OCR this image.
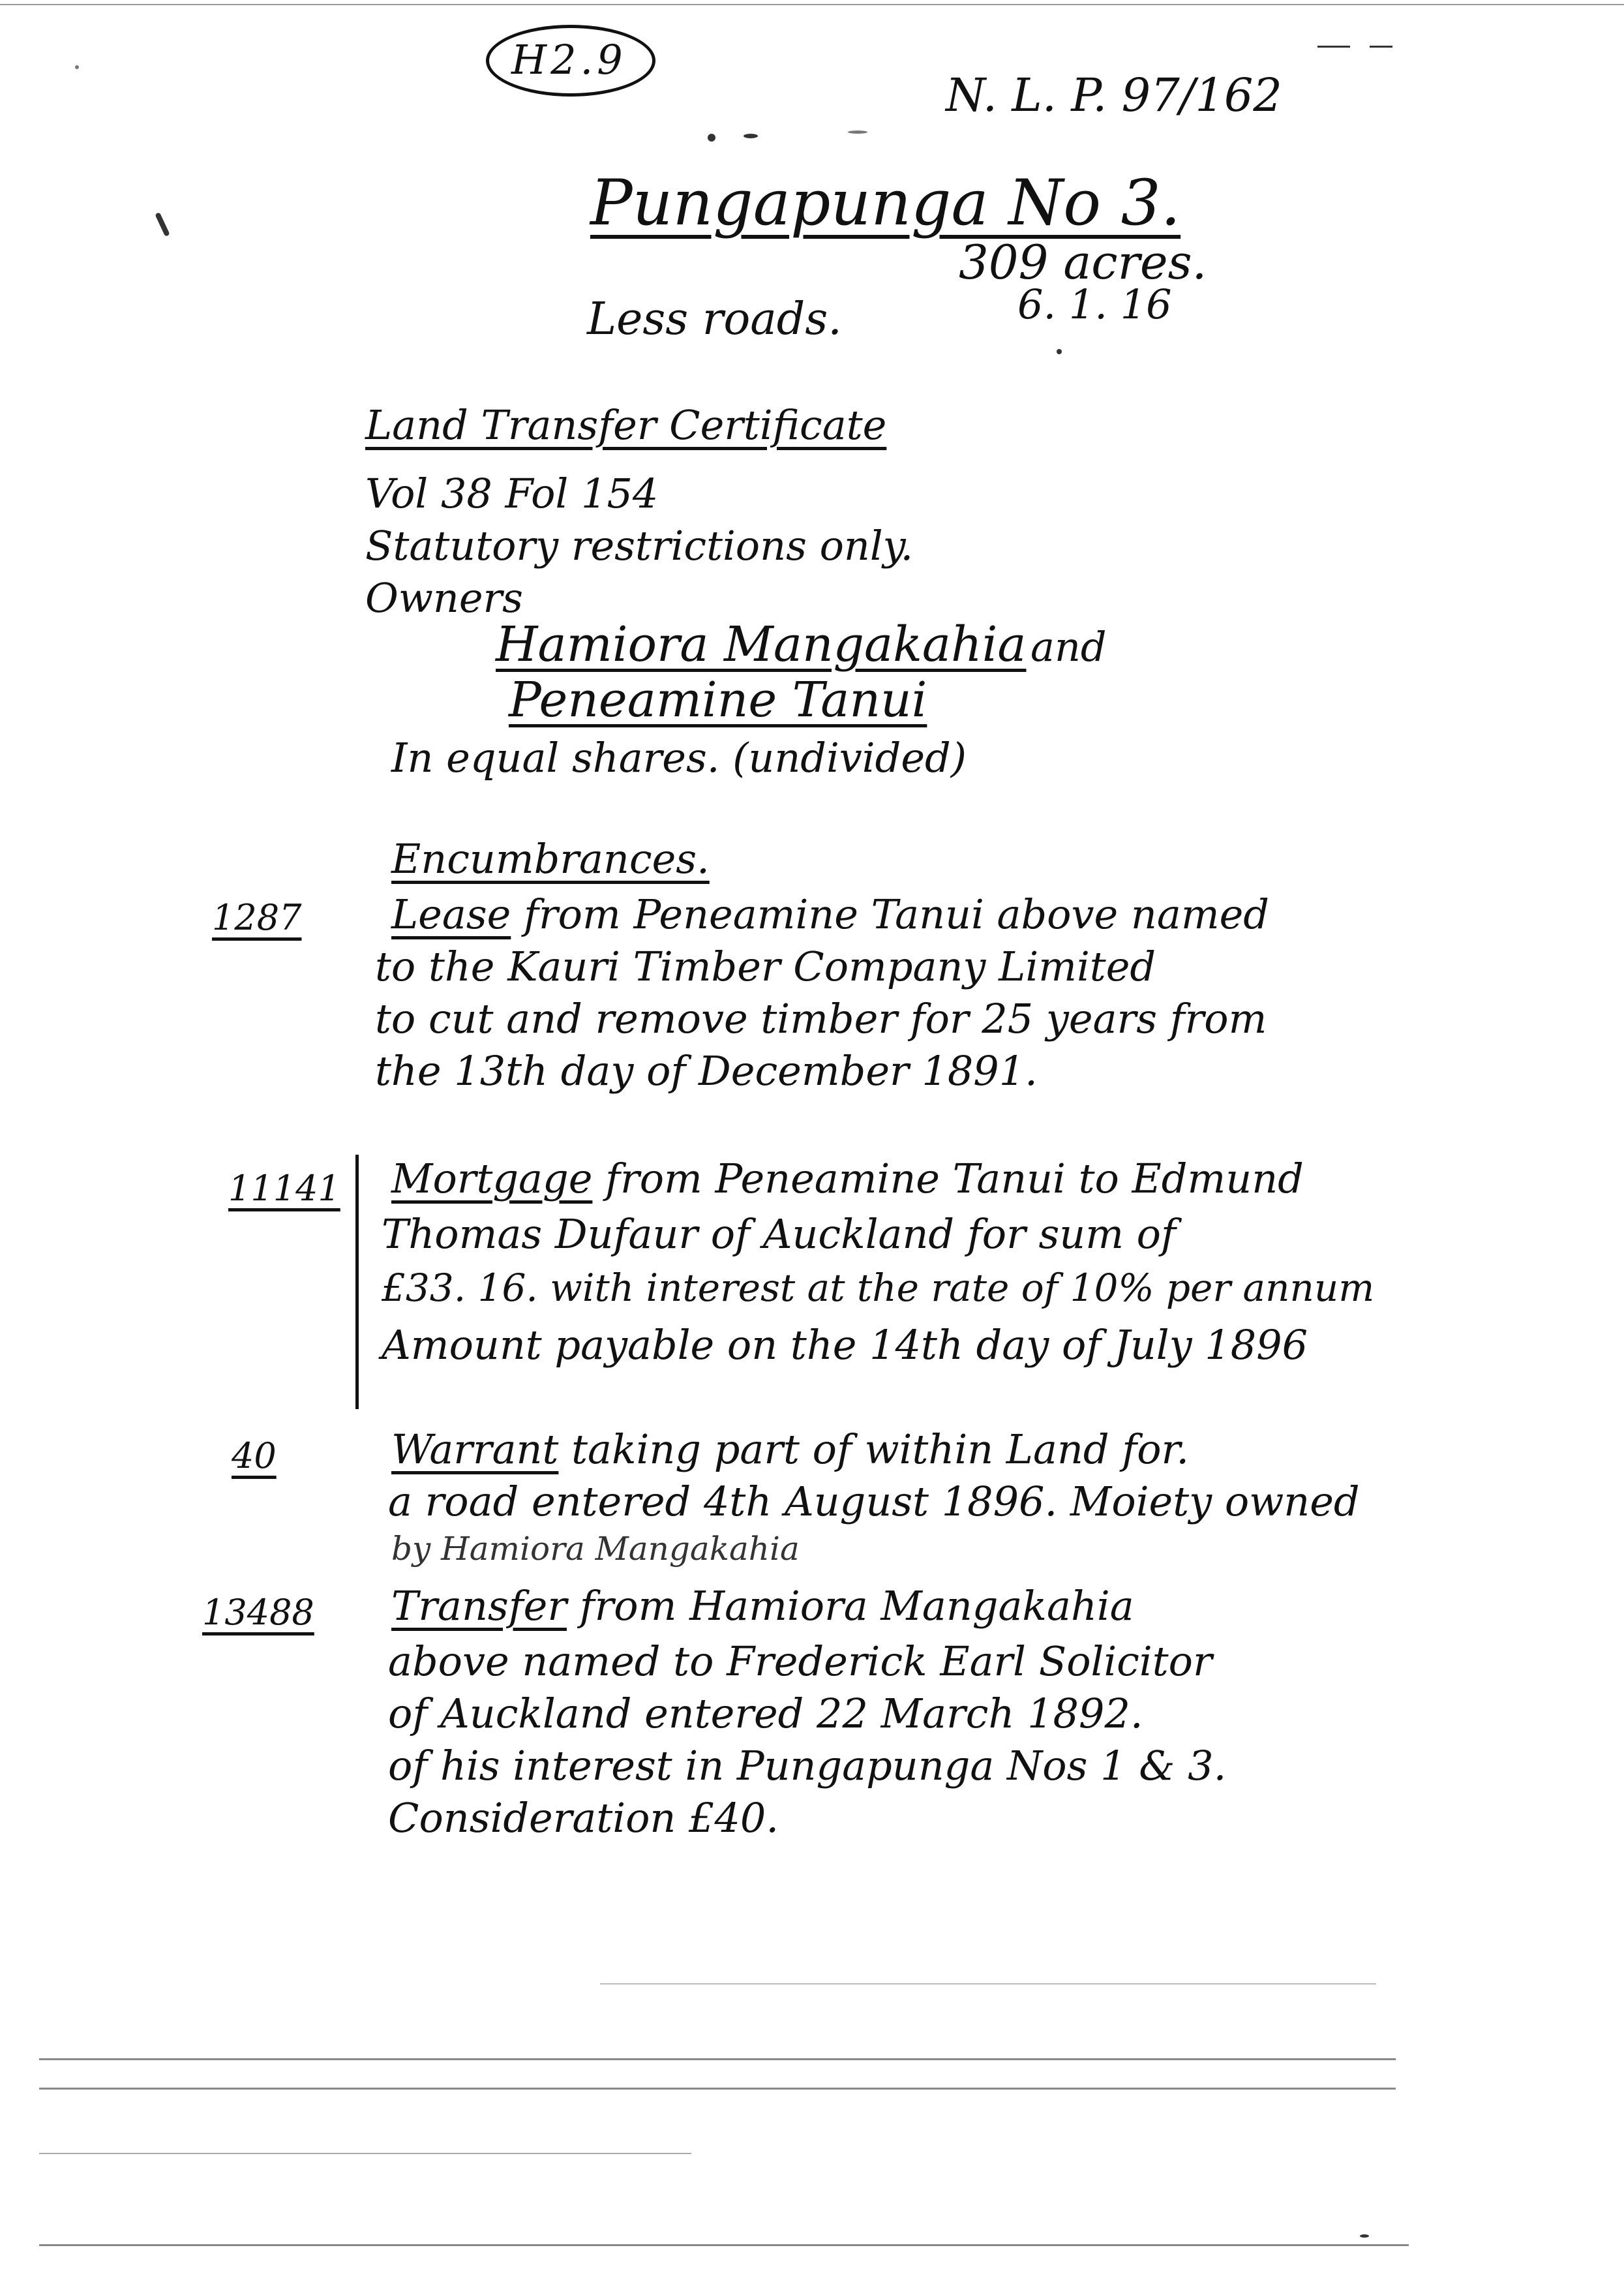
H2.9
N. L. P. 97/162
Pungapunga No 3.
309 acres.
Less roads.	6. 1. 16
Land Transfer Certificate
Vol 38 Fol 154
Statutory restrictions only.
Owners
Hamiora Mangakahia and
Peneamine Tanui
In equal shares. (undivided)
Encumbrances.
1287 Lease from Peneamine Tanui above named
to the Kauri Timber Company Limited
to cut and remove timber for 25 years from
the 13th day of December 1891.
11141 Mortgage from Peneamine Tanui to Edmund
Thomas Dufaur of Auckland for sum of
£33. 16. with interest at the rate of 10% per annum
Amount payable on the 14th day of July 1896
40	Warrant taking part of within Land for.
a road entered 4th August 1896. Moiety owned
by Hamiora Mangakahia
13488 Transfer from Hamiora Mangakahia
above named to Frederick Earl Solicitor
of Auckland entered 22 March 1892.
of his interest in Pungapunga Nos 1 & 3.
Consideration £40.
